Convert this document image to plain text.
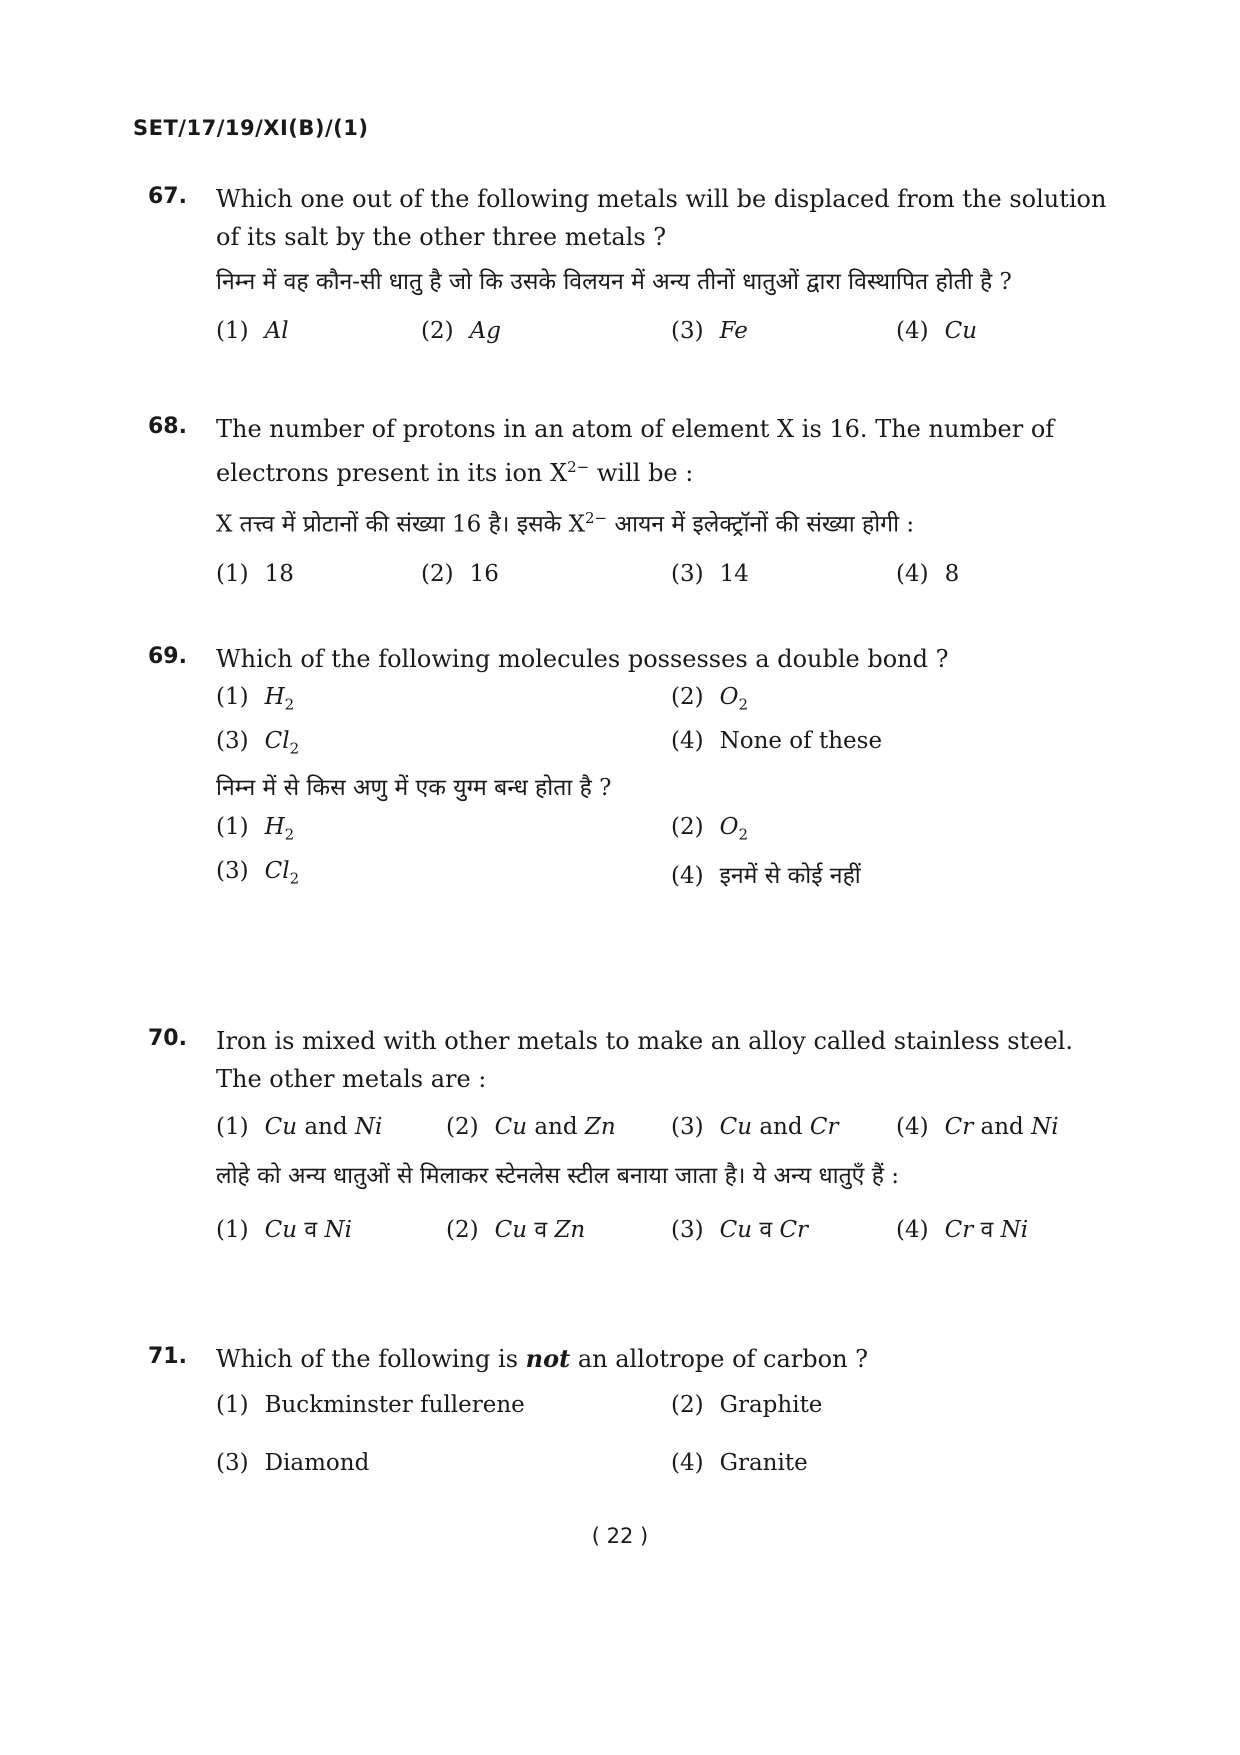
SET/17/19/XI(B)/(1)
67. Which one out of the following metals will be displaced from the solution of its salt by the other three metals ?
निम्न में वह कौन-सी धातु है जो कि उसके विलयन में अन्य तीनों धातुओं द्वारा विस्थापित होती है ?
(1) Al	(2) Ag	(3) Fe	(4) Cu
68. The number of protons in an atom of element X is 16. The number of electrons present in its ion $X^{2-}$ will be :
X तत्त्व में प्रोटानों की संख्या 16 है। इसके $X^{2-}$ आयन में इलेक्ट्रॉनों की संख्या होगी :
(1) 18	(2) 16	(3) 14	(4) 8
69. Which of the following molecules possesses a double bond ?
(1) $H_2$	(2) $O_2$
(3) $Cl_2$	(4) None of these
निम्न में से किस अणु में एक युग्म बन्ध होता है ?
(1) $H_2$	(2) $O_2$
(3) $Cl_2$	(4) इनमें से कोई नहीं
70. Iron is mixed with other metals to make an alloy called stainless steel. The other metals are :
(1) Cu and Ni	(2) Cu and Zn (3) Cu and Cr	(4) Cr and Ni
लोहे को अन्य धातुओं से मिलाकर स्टेनलेस स्टील बनाया जाता है। ये अन्य धातुएँ हैं :
(1) Cu व Ni	(2) Cu व Zn	(3) Cu व Cr	(4) Cr व Ni
71. Which of the following is not an allotrope of carbon ?
(1) Buckminster fullerene	(2) Graphite
(3) Diamond	(4) Granite
( 22 )
